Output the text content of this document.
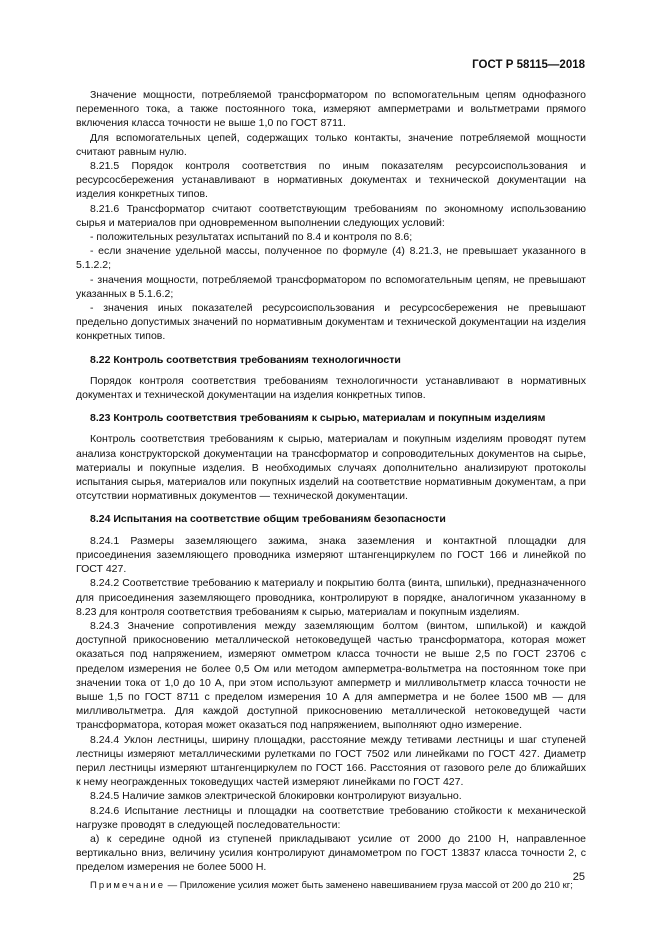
ГОСТ Р 58115—2018

Значение мощности, потребляемой трансформатором по вспомогательным цепям однофазного переменного тока, а также постоянного тока, измеряют амперметрами и вольтметрами прямого включения класса точности не выше 1,0 по ГОСТ 8711.

Для вспомогательных цепей, содержащих только контакты, значение потребляемой мощности считают равным нулю.

8.21.5 Порядок контроля соответствия по иным показателям ресурсоиспользования и ресурсосбережения устанавливают в нормативных документах и технической документации на изделия конкретных типов.

8.21.6 Трансформатор считают соответствующим требованиям по экономному использованию сырья и материалов при одновременном выполнении следующих условий:

- положительных результатах испытаний по 8.4 и контроля по 8.6;

- если значение удельной массы, полученное по формуле (4) 8.21.3, не превышает указанного в 5.1.2.2;

- значения мощности, потребляемой трансформатором по вспомогательным цепям, не превышают указанных в 5.1.6.2;

- значения иных показателей ресурсоиспользования и ресурсосбережения не превышают предельно допустимых значений по нормативным документам и технической документации на изделия конкретных типов.

8.22 Контроль соответствия требованиям технологичности

Порядок контроля соответствия требованиям технологичности устанавливают в нормативных документах и технической документации на изделия конкретных типов.

8.23 Контроль соответствия требованиям к сырью, материалам и покупным изделиям

Контроль соответствия требованиям к сырью, материалам и покупным изделиям проводят путем анализа конструкторской документации на трансформатор и сопроводительных документов на сырье, материалы и покупные изделия. В необходимых случаях дополнительно анализируют протоколы испытания сырья, материалов или покупных изделий на соответствие нормативным документам, а при отсутствии нормативных документов — технической документации.

8.24 Испытания на соответствие общим требованиям безопасности

8.24.1 Размеры заземляющего зажима, знака заземления и контактной площадки для присоединения заземляющего проводника измеряют штангенциркулем по ГОСТ 166 и линейкой по ГОСТ 427.

8.24.2 Соответствие требованию к материалу и покрытию болта (винта, шпильки), предназначенного для присоединения заземляющего проводника, контролируют в порядке, аналогичном указанному в 8.23 для контроля соответствия требованиям к сырью, материалам и покупным изделиям.

8.24.3 Значение сопротивления между заземляющим болтом (винтом, шпилькой) и каждой доступной прикосновению металлической нетоковедущей частью трансформатора, которая может оказаться под напряжением, измеряют омметром класса точности не выше 2,5 по ГОСТ 23706 с пределом измерения не более 0,5 Ом или методом амперметра-вольтметра на постоянном токе при значении тока от 1,0 до 10 А, при этом используют амперметр и милливольтметр класса точности не выше 1,5 по ГОСТ 8711 с пределом измерения 10 А для амперметра и не более 1500 мВ — для милливольтметра. Для каждой доступной прикосновению металлической нетоковедущей части трансформатора, которая может оказаться под напряжением, выполняют одно измерение.

8.24.4 Уклон лестницы, ширину площадки, расстояние между тетивами лестницы и шаг ступеней лестницы измеряют металлическими рулетками по ГОСТ 7502 или линейками по ГОСТ 427. Диаметр перил лестницы измеряют штангенциркулем по ГОСТ 166. Расстояния от газового реле до ближайших к нему неогражденных токоведущих частей измеряют линейками по ГОСТ 427.

8.24.5 Наличие замков электрической блокировки контролируют визуально.

8.24.6 Испытание лестницы и площадки на соответствие требованию стойкости к механической нагрузке проводят в следующей последовательности:

а) к середине одной из ступеней прикладывают усилие от 2000 до 2100 Н, направленное вертикально вниз, величину усилия контролируют динамометром по ГОСТ 13837 класса точности 2, с пределом измерения не более 5000 Н.

Примечание — Приложение усилия может быть заменено навешиванием груза массой от 200 до 210 кг;

25
